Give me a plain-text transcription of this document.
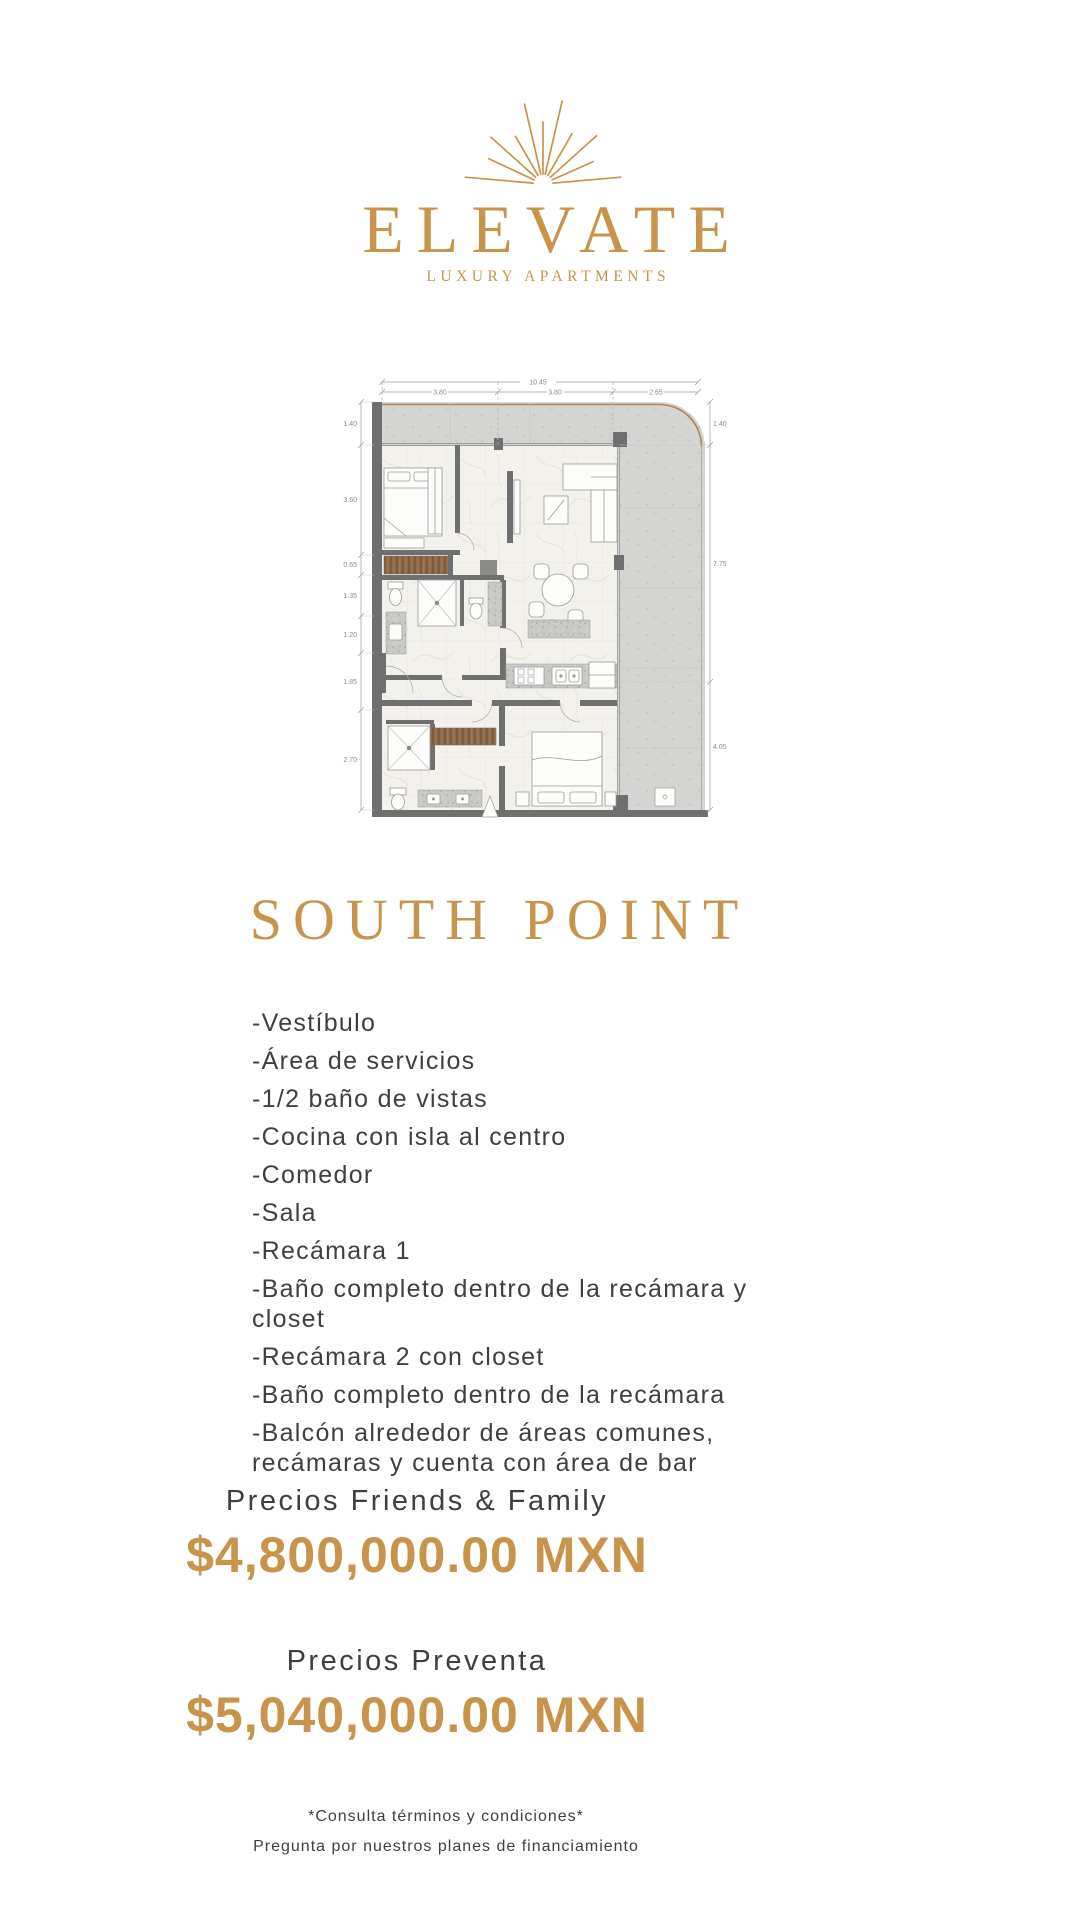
ELEVATE
LUXURY APARTMENTS
10.45
3.80	3.80	2.65
1.40
3.60
0.65
1.35
1.20
1.85
2.70
1.40
7.75
4.05
SOUTH POINT
-Vestíbulo
-Área de servicios
-1/2 baño de vistas
-Cocina con isla al centro
-Comedor
-Sala
-Recámara 1
-Baño completo dentro de la recámara y closet
-Recámara 2 con closet
-Baño completo dentro de la recámara
-Balcón alrededor de áreas comunes, recámaras y cuenta con área de bar
Precios Friends & Family
$4,800,000.00 MXN
Precios Preventa
$5,040,000.00 MXN
*Consulta términos y condiciones*
Pregunta por nuestros planes de financiamiento
